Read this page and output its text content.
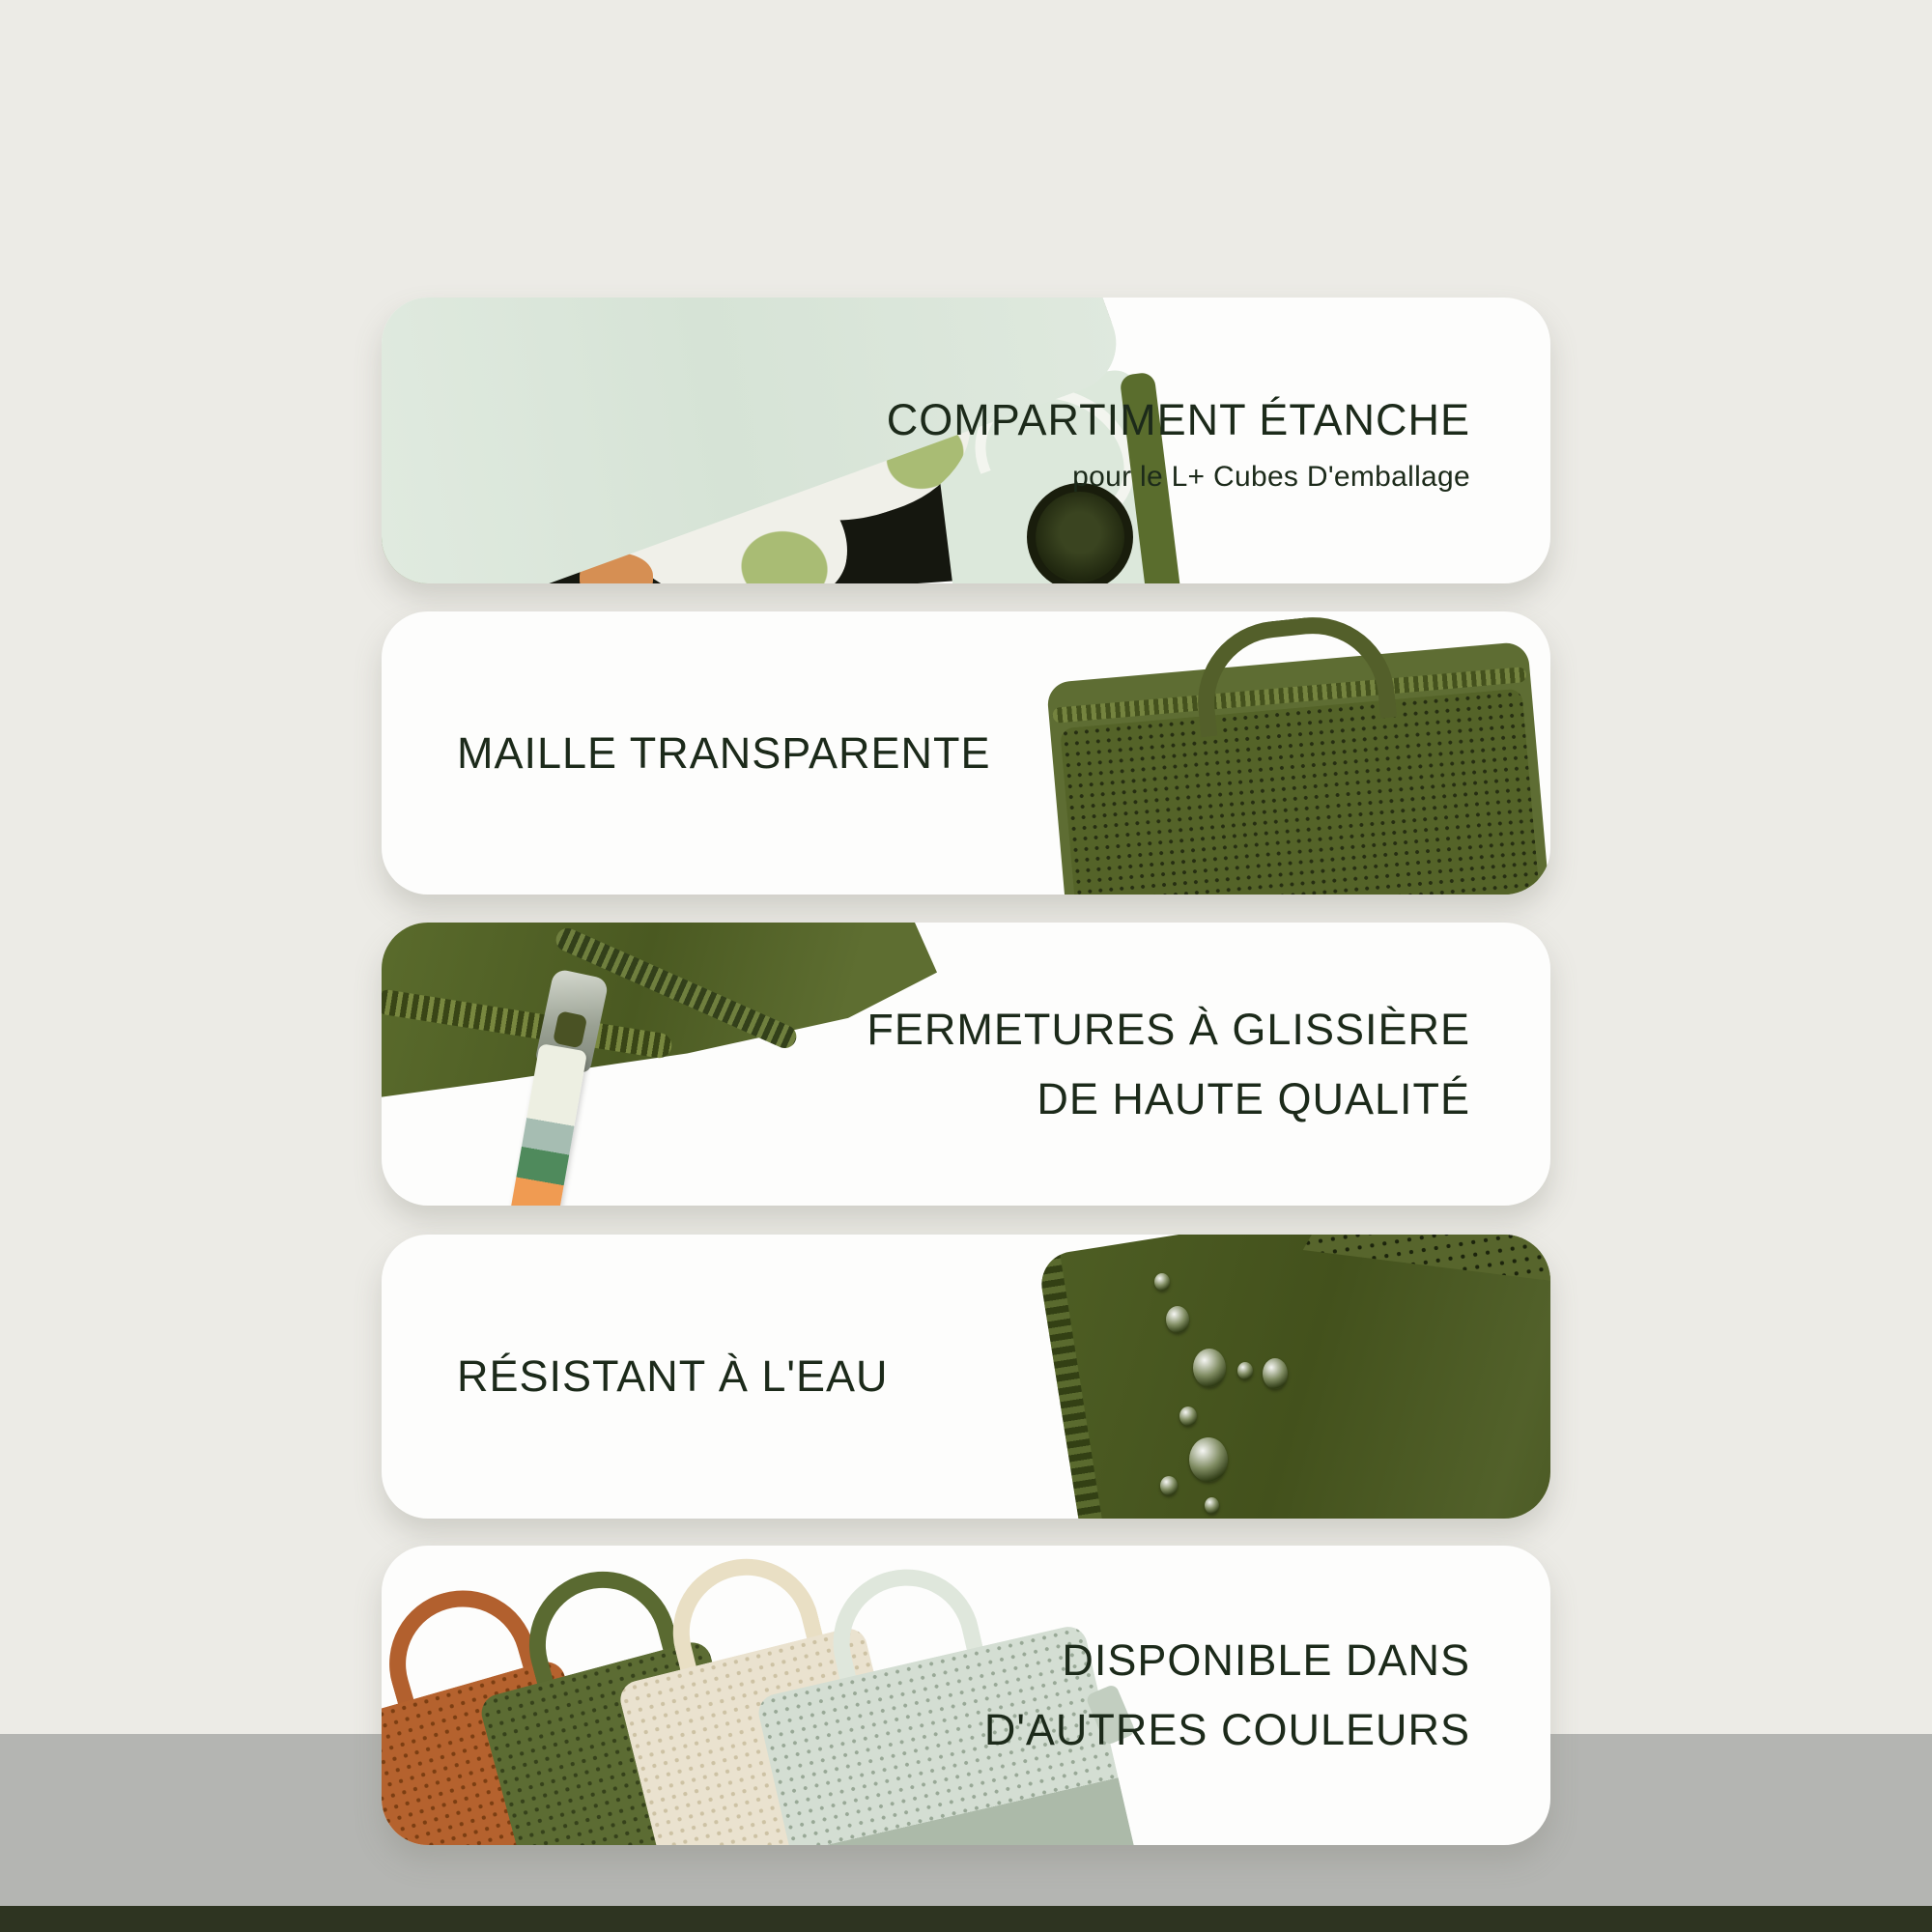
COMPARTIMENT ÉTANCHE
pour le L+ Cubes D'emballage
MAILLE TRANSPARENTE
FERMETURES À GLISSIÈRE
DE HAUTE QUALITÉ
RÉSISTANT À L'EAU
DISPONIBLE DANS
D'AUTRES COULEURS
